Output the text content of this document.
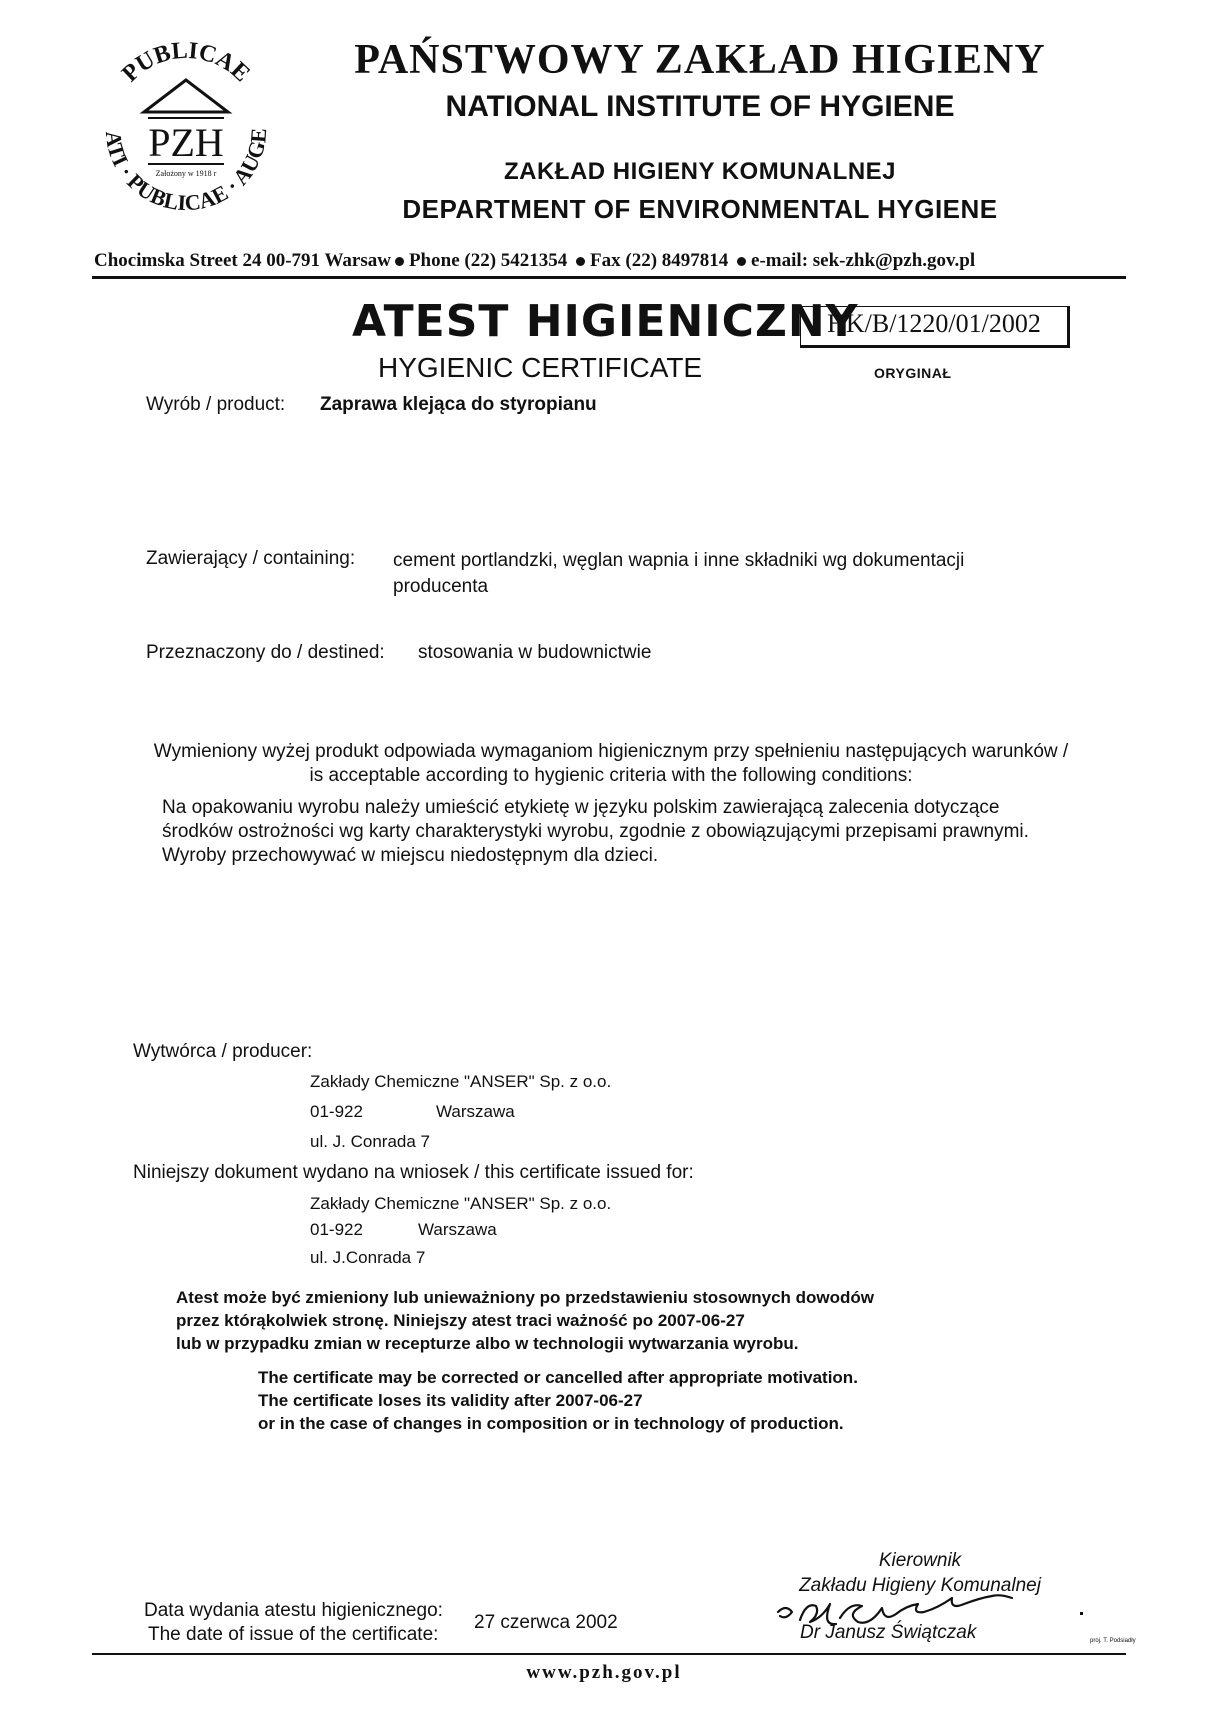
PUBLICAE
ATI · PUBLICAE · AUGE
PZH
Założony w 1918 r
PAŃSTWOWY ZAKŁAD HIGIENY
NATIONAL INSTITUTE OF HYGIENE
ZAKŁAD HIGIENY KOMUNALNEJ
DEPARTMENT OF ENVIRONMENTAL HYGIENE
Chocimska Street 24 00-791 Warsaw Phone (22) 5421354 Fax (22) 8497814 e-mail: sek-zhk@pzh.gov.pl
ATEST HIGIENICZNY
HYGIENIC CERTIFICATE
HK/B/1220/01/2002
ORYGINAŁ
Wyrób / product: Zaprawa klejąca do styropianu
Zawierający / containing: cement portlandzki, węglan wapnia i inne składniki wg dokumentacji producenta
Przeznaczony do / destined: stosowania w budownictwie
Wymieniony wyżej produkt odpowiada wymaganiom higienicznym przy spełnieniu następujących warunków / is acceptable according to hygienic criteria with the following conditions:
Na opakowaniu wyrobu należy umieścić etykietę w języku polskim zawierającą zalecenia dotyczące środków ostrożności wg karty charakterystyki wyrobu, zgodnie z obowiązującymi przepisami prawnymi.
Wyroby przechowywać w miejscu niedostępnym dla dzieci.
Wytwórca / producer:
Zakłady Chemiczne "ANSER" Sp. z o.o.
01-922	Warszawa
ul. J. Conrada 7
Niniejszy dokument wydano na wniosek / this certificate issued for:
Zakłady Chemiczne "ANSER" Sp. z o.o.
01-922	Warszawa
ul. J.Conrada 7
Atest może być zmieniony lub unieważniony po przedstawieniu stosownych dowodów
przez którąkolwiek stronę. Niniejszy atest traci ważność po 2007-06-27
lub w przypadku zmian w recepturze albo w technologii wytwarzania wyrobu.
The certificate may be corrected or cancelled after appropriate motivation.
The certificate loses its validity after 2007-06-27
or in the case of changes in composition or in technology of production.
Data wydania atestu higienicznego:
The date of issue of the certificate:
27 czerwca 2002
Kierownik
Zakładu Higieny Komunalnej
Dr Janusz Świątczak	proj. T. Podsiadły
www.pzh.gov.pl
